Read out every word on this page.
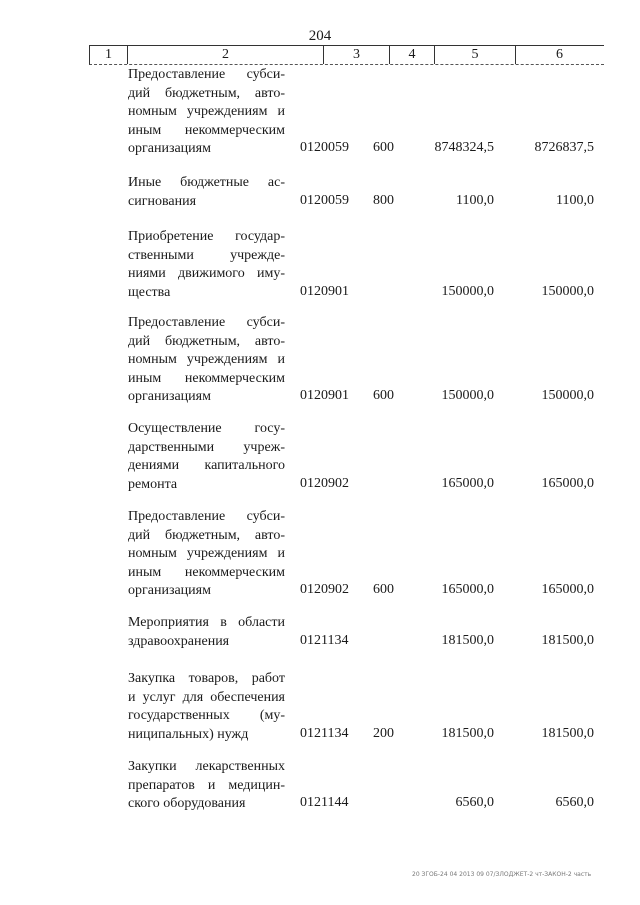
204
1	2	3	4	5	6
Предоставление субси-
дий бюджетным, авто-
номным учреждениям и
иным некоммерческим
организациям	0120059 600	8748324,5	8726837,5
Иные бюджетные ас-
сигнования	0120059 800	1100,0	1100,0
Приобретение государ-
ственными учрежде-
ниями движимого иму-
щества	0120901	150000,0	150000,0
Предоставление субси-
дий бюджетным, авто-
номным учреждениям и
иным некоммерческим
организациям	0120901 600	150000,0	150000,0
Осуществление госу-
дарственными учреж-
дениями капитального
ремонта	0120902	165000,0	165000,0
Предоставление субси-
дий бюджетным, авто-
номным учреждениям и
иным некоммерческим
организациям	0120902 600	165000,0	165000,0
Мероприятия в области
здравоохранения	0121134	181500,0	181500,0
Закупка товаров, работ
и услуг для обеспечения
государственных (му-
ниципальных) нужд	0121134 200	181500,0	181500,0
Закупки лекарственных
препаратов и медицин-
ского оборудования	0121144	6560,0	6560,0
20 ЗГОБ-24 04 2013 09 07/ЗЛОДЖЕТ-2 чт-ЗАКОН-2 часть
